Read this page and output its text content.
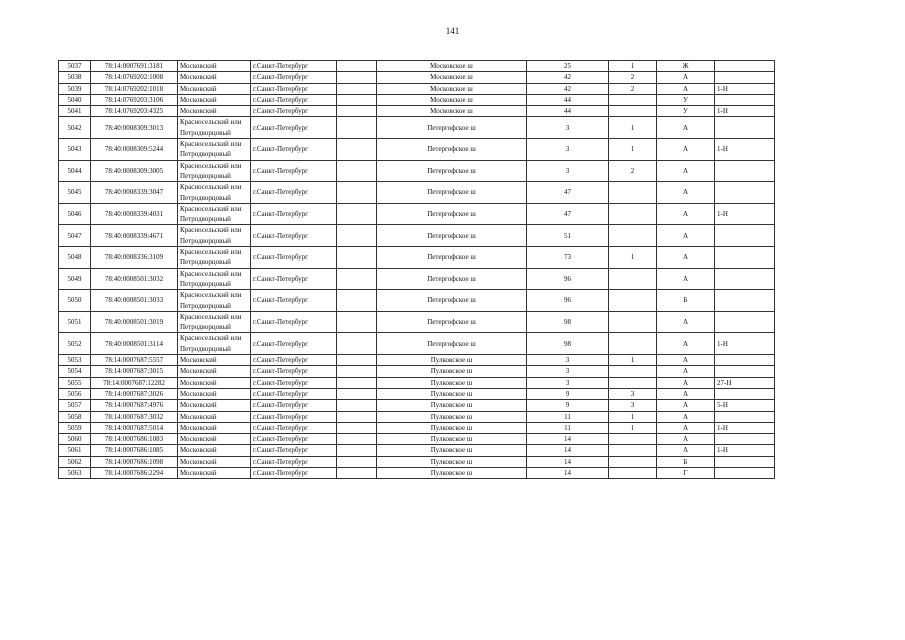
141
5037	78:14:0007691:3181	Московский	г.Санкт-Петербург		Московское ш	25	1	Ж	
5038	78:14:0769202:1008	Московский	г.Санкт-Петербург		Московское ш	42	2	А	
5039	78:14:0769202:1018	Московский	г.Санкт-Петербург		Московское ш	42	2	А	1-Н
5040	78:14:0769203:3106	Московский	г.Санкт-Петербург		Московское ш	44		У	
5041	78:14:0769203:4325	Московский	г.Санкт-Петербург		Московское ш	44		У	1-Н
5042	78:40:0008309:3013	Красносельский или Петродворцовый	г.Санкт-Петербург		Петергофское ш	3	1	А	
5043	78:40:0008309:5244	Красносельский или Петродворцовый	г.Санкт-Петербург		Петергофское ш	3	1	А	1-Н
5044	78:40:0008309:3005	Красносельский или Петродворцовый	г.Санкт-Петербург		Петергофское ш	3	2	А	
5045	78:40:0008339:3047	Красносельский или Петродворцовый	г.Санкт-Петербург		Петергофское ш	47		А	
5046	78:40:0008339:4031	Красносельский или Петродворцовый	г.Санкт-Петербург		Петергофское ш	47		А	1-Н
5047	78:40:0008339:4671	Красносельский или Петродворцовый	г.Санкт-Петербург		Петергофское ш	51		А	
5048	78:40:0008336:3109	Красносельский или Петродворцовый	г.Санкт-Петербург		Петергофское ш	73	1	А	
5049	78:40:0008501:3032	Красносельский или Петродворцовый	г.Санкт-Петербург		Петергофское ш	96		А	
5050	78:40:0008501:3033	Красносельский или Петродворцовый	г.Санкт-Петербург		Петергофское ш	96		Б	
5051	78:40:0008501:3019	Красносельский или Петродворцовый	г.Санкт-Петербург		Петергофское ш	98		А	
5052	78:40:0008501:3114	Красносельский или Петродворцовый	г.Санкт-Петербург		Петергофское ш	98		А	1-Н
5053	78:14:0007687:5557	Московский	г.Санкт-Петербург		Пулковское ш	3	1	А	
5054	78:14:0007687:3015	Московский	г.Санкт-Петербург		Пулковское ш	3		А	
5055	78:14:0007687:12282	Московский	г.Санкт-Петербург		Пулковское ш	3		А	27-Н
5056	78:14:0007687:3026	Московский	г.Санкт-Петербург		Пулковское ш	9	3	А	
5057	78:14:0007687:4976	Московский	г.Санкт-Петербург		Пулковское ш	9	3	А	5-Н
5058	78:14:0007687:3032	Московский	г.Санкт-Петербург		Пулковское ш	11	1	А	
5059	78:14:0007687:5014	Московский	г.Санкт-Петербург		Пулковское ш	11	1	А	1-Н
5060	78:14:0007686:1083	Московский	г.Санкт-Петербург		Пулковское ш	14		А	
5061	78:14:0007686:1085	Московский	г.Санкт-Петербург		Пулковское ш	14		А	1-Н
5062	78:14:0007686:1098	Московский	г.Санкт-Петербург		Пулковское ш	14		Б	
5063	78:14:0007686:2294	Московский	г.Санкт-Петербург		Пулковское ш	14		Г	
